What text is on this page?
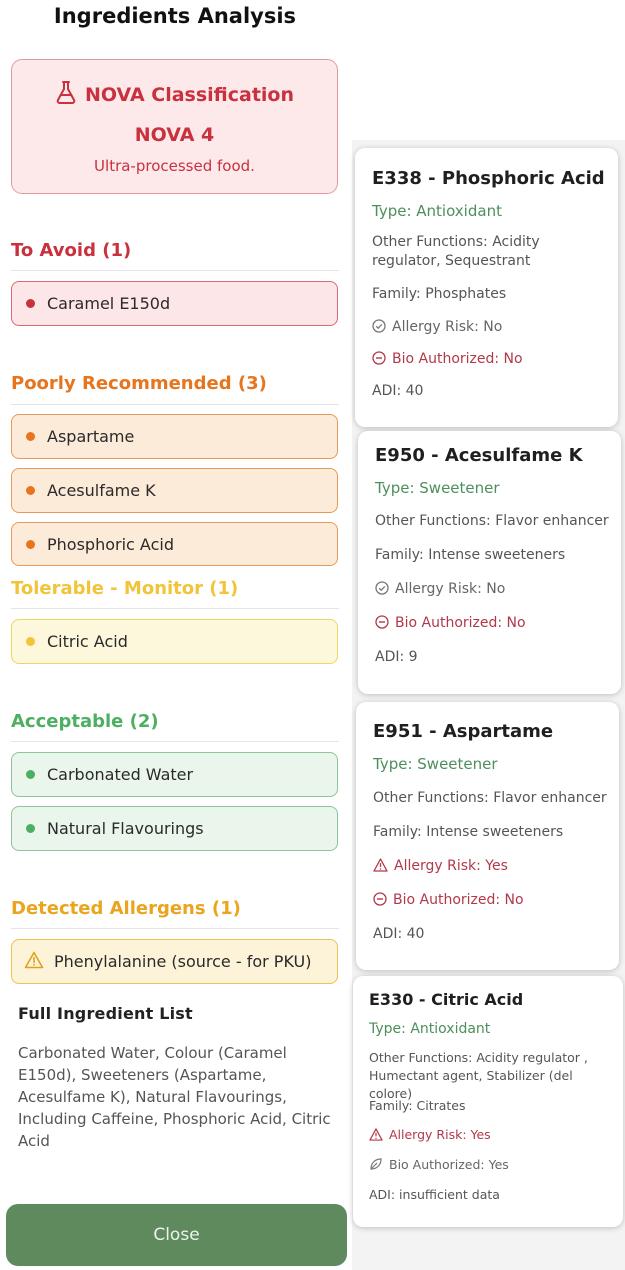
Ingredients Analysis
NOVA Classification
NOVA 4
Ultra-processed food.
To Avoid (1)
Caramel E150d
Poorly Recommended (3)
Aspartame
Acesulfame K
Phosphoric Acid
Tolerable - Monitor (1)
Citric Acid
Acceptable (2)
Carbonated Water
Natural Flavourings
Detected Allergens (1)
Phenylalanine (source - for PKU)
Full Ingredient List
Carbonated Water, Colour (Caramel E150d), Sweeteners (Aspartame, Acesulfame K), Natural Flavourings, Including Caffeine, Phosphoric Acid, Citric Acid
Close
E338 - Phosphoric Acid
Type: Antioxidant
Other Functions: Acidity regulator, Sequestrant
Family: Phosphates
Allergy Risk: No
Bio Authorized: No
ADI: 40
E950 - Acesulfame K
Type: Sweetener
Other Functions: Flavor enhancer
Family: Intense sweeteners
Allergy Risk: No
Bio Authorized: No
ADI: 9
E951 - Aspartame
Type: Sweetener
Other Functions: Flavor enhancer
Family: Intense sweeteners
Allergy Risk: Yes
Bio Authorized: No
ADI: 40
E330 - Citric Acid
Type: Antioxidant
Other Functions: Acidity regulator , Humectant agent, Stabilizer (del colore)
Family: Citrates
Allergy Risk: Yes
Bio Authorized: Yes
ADI: insufficient data
